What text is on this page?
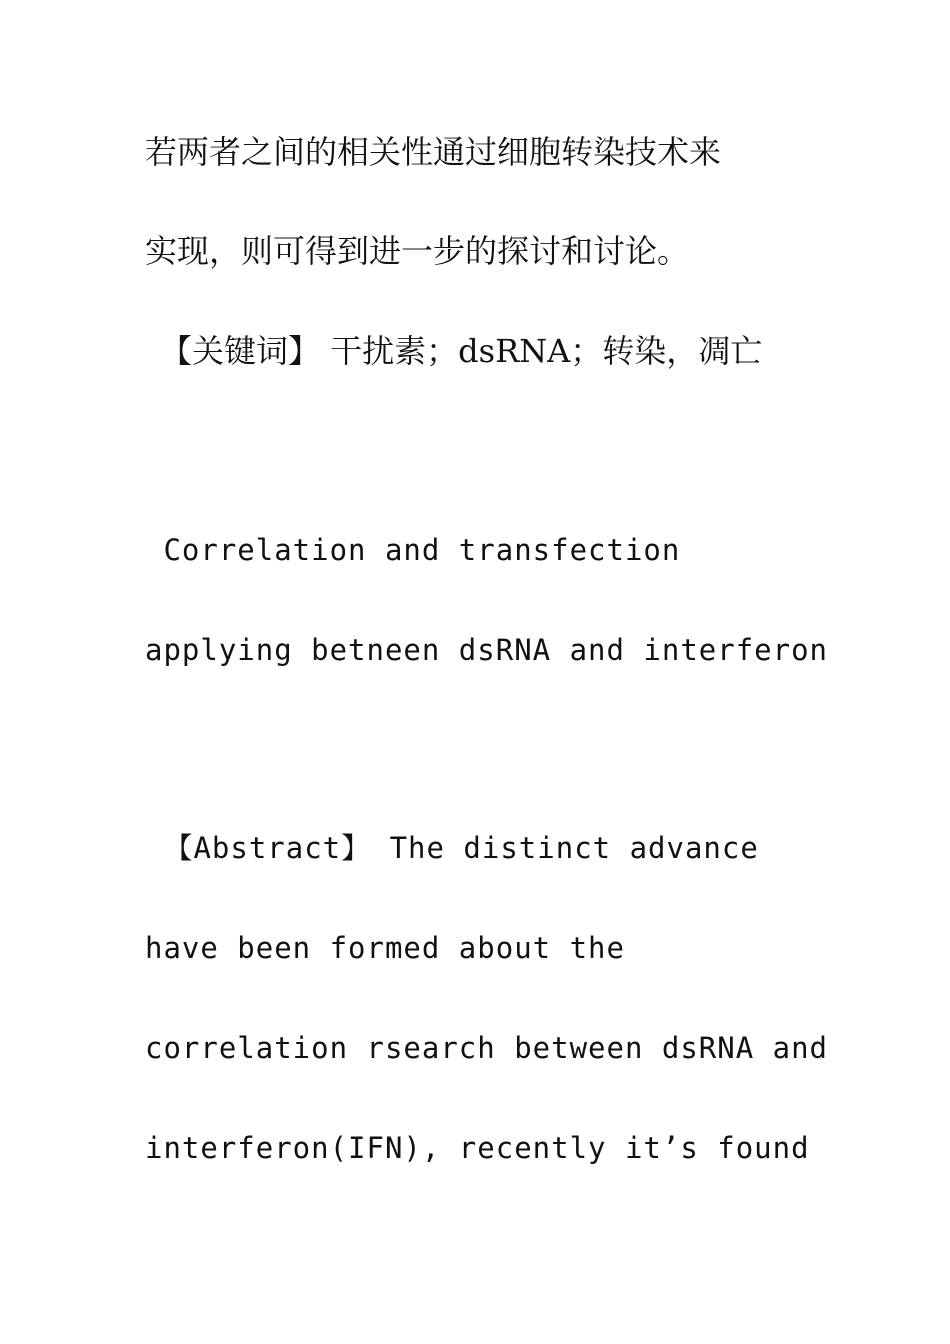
若两者之间的相关性通过细胞转染技术来
实现，则可得到进一步的探讨和讨论。
【关键词】 干扰素；dsRNA；转染，凋亡
Correlation and transfection
applying betneen dsRNA and interferon
【Abstract】 The distinct advance
have been formed about the
correlation rsearch between dsRNA and
interferon(IFN), recently it’s found
